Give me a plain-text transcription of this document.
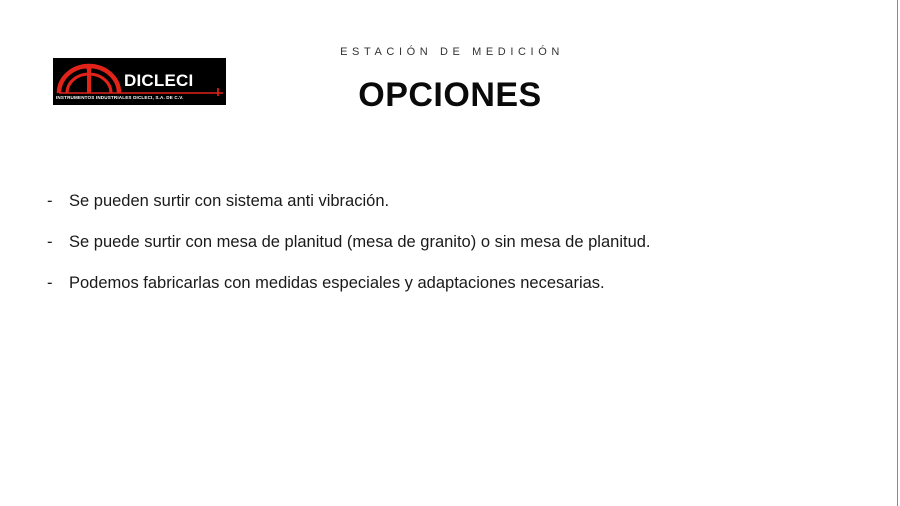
DICLECI
INSTRUMENTOS INDUSTRIALES DICLECI, S.A. DE C.V.
ESTACIÓN DE MEDICIÓN
OPCIONES
-	Se pueden surtir con sistema anti vibración.
-	Se puede surtir con mesa de planitud (mesa de granito) o sin mesa de planitud.
-	Podemos fabricarlas con medidas especiales y adaptaciones necesarias.
